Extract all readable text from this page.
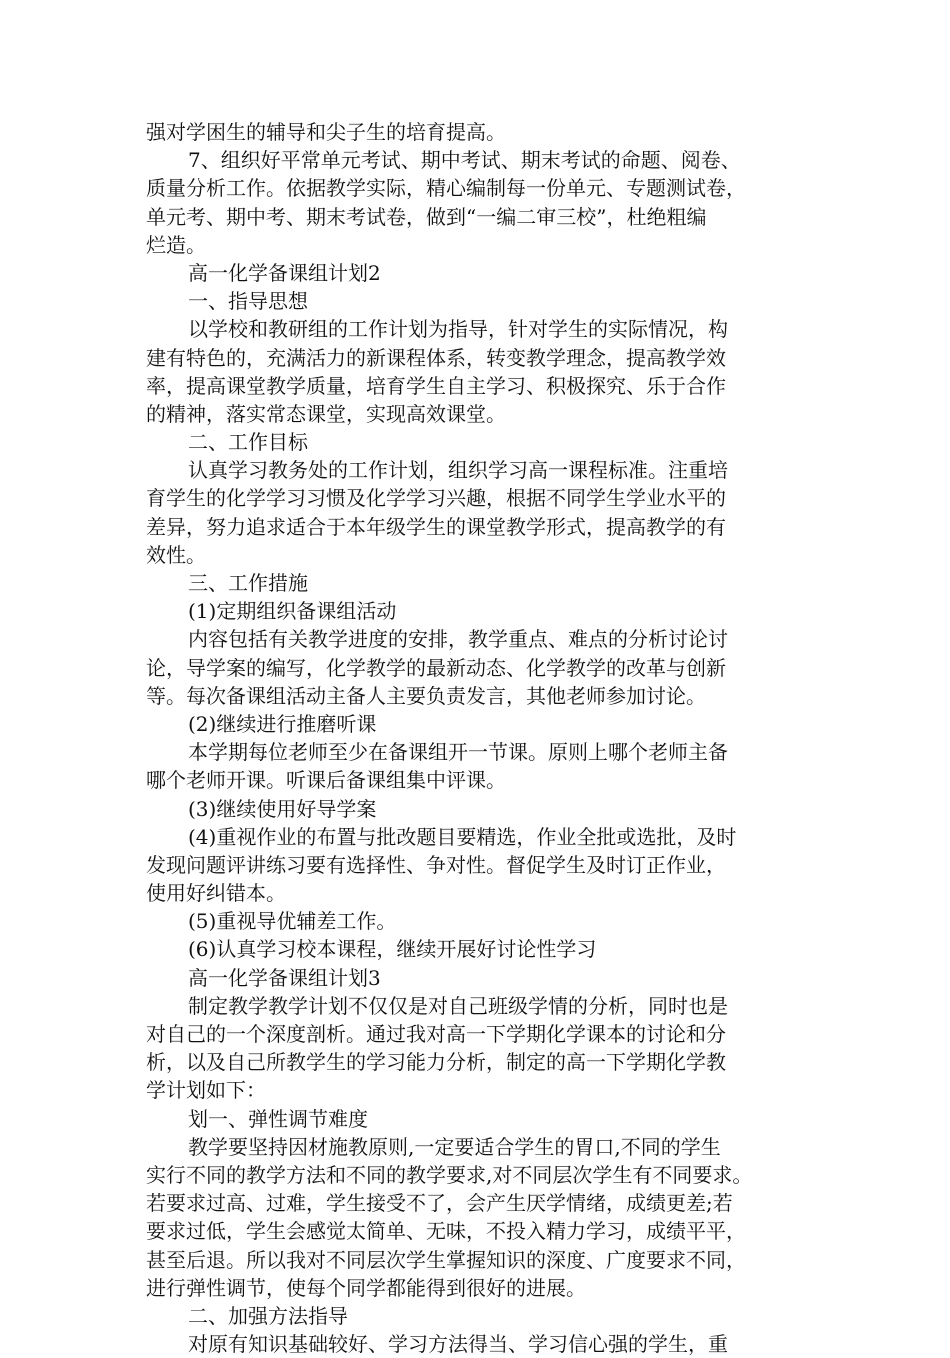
强对学困生的辅导和尖子生的培育提高。

7、组织好平常单元考试、期中考试、期末考试的命题、阅卷、

质量分析工作。依据教学实际，精心编制每一份单元、专题测试卷，

单元考、期中考、期末考试卷，做到“一编二审三校”，杜绝粗编

烂造。

高一化学备课组计划2

一、指导思想

以学校和教研组的工作计划为指导，针对学生的实际情况，构

建有特色的，充满活力的新课程体系，转变教学理念，提高教学效

率，提高课堂教学质量，培育学生自主学习、积极探究、乐于合作

的精神，落实常态课堂，实现高效课堂。

二、工作目标

认真学习教务处的工作计划，组织学习高一课程标准。注重培

育学生的化学学习习惯及化学学习兴趣，根据不同学生学业水平的

差异，努力追求适合于本年级学生的课堂教学形式，提高教学的有

效性。

三、工作措施

(1)定期组织备课组活动

内容包括有关教学进度的安排，教学重点、难点的分析讨论讨

论，导学案的编写，化学教学的最新动态、化学教学的改革与创新

等。每次备课组活动主备人主要负责发言，其他老师参加讨论。

(2)继续进行推磨听课

本学期每位老师至少在备课组开一节课。原则上哪个老师主备

哪个老师开课。听课后备课组集中评课。

(3)继续使用好导学案

(4)重视作业的布置与批改题目要精选，作业全批或选批，及时

发现问题评讲练习要有选择性、争对性。督促学生及时订正作业，

使用好纠错本。

(5)重视导优辅差工作。

(6)认真学习校本课程，继续开展好讨论性学习

高一化学备课组计划3

制定教学教学计划不仅仅是对自己班级学情的分析，同时也是

对自己的一个深度剖析。通过我对高一下学期化学课本的讨论和分

析，以及自己所教学生的学习能力分析，制定的高一下学期化学教

学计划如下：

划一、弹性调节难度

教学要坚持因材施教原则,一定要适合学生的胃口,不同的学生

实行不同的教学方法和不同的教学要求,对不同层次学生有不同要求。

若要求过高、过难，学生接受不了，会产生厌学情绪，成绩更差;若

要求过低，学生会感觉太简单、无味，不投入精力学习，成绩平平，

甚至后退。所以我对不同层次学生掌握知识的深度、广度要求不同，

进行弹性调节，使每个同学都能得到很好的进展。

二、加强方法指导

对原有知识基础较好、学习方法得当、学习信心强的学生，重
